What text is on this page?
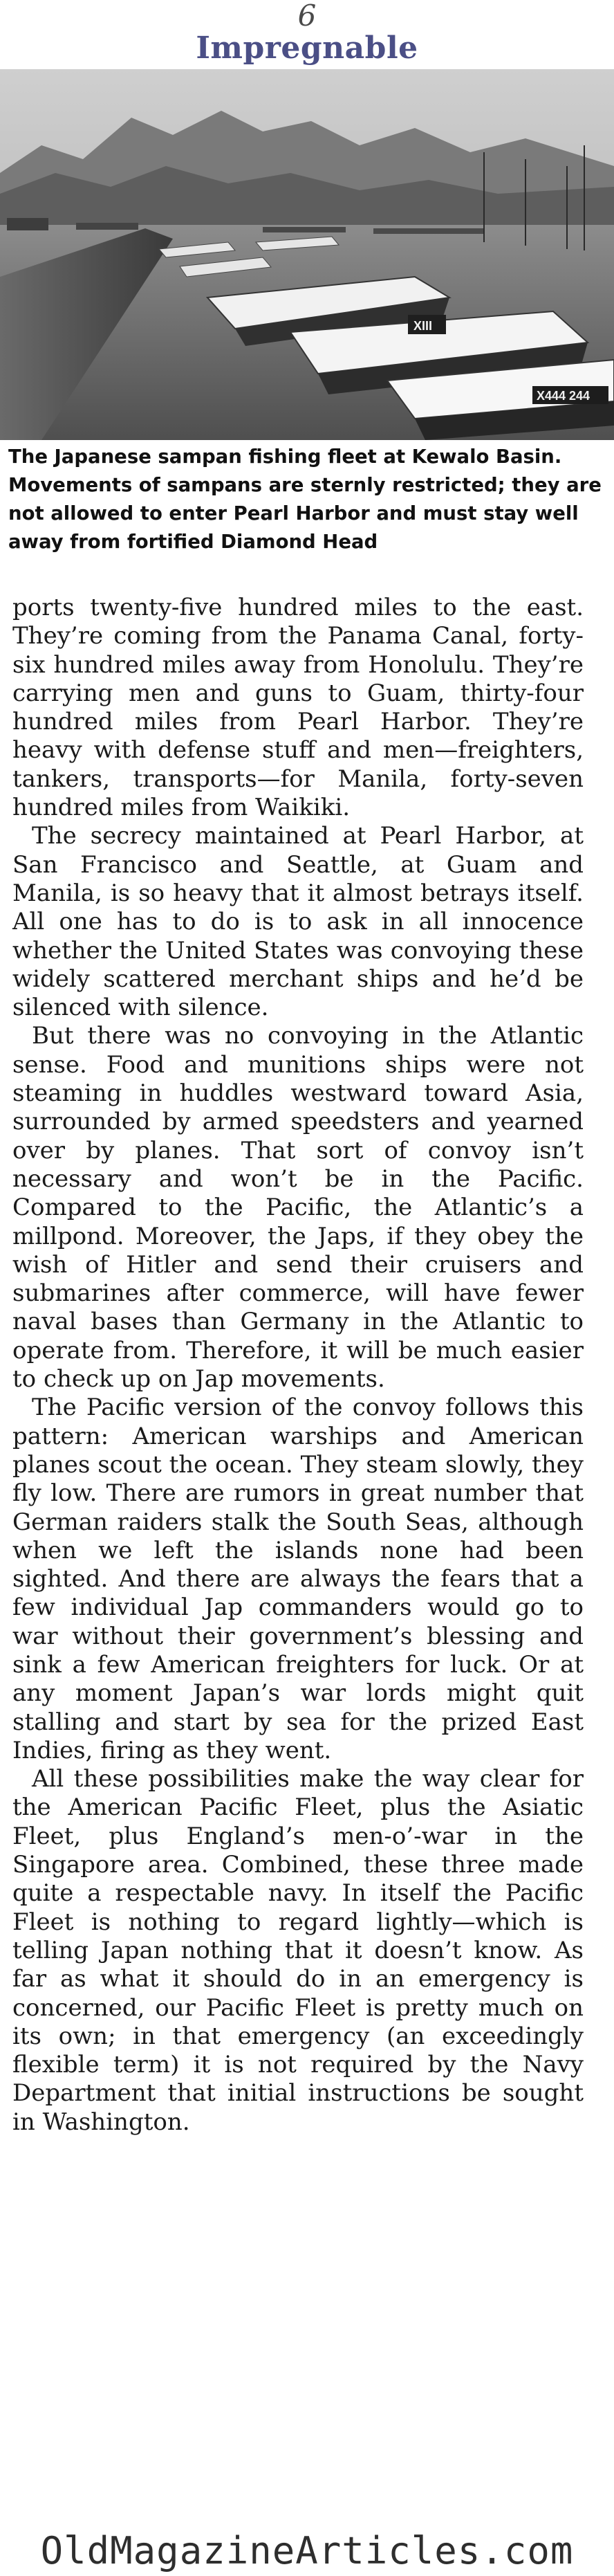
6
Impregnable
XIII
X444 244
The Japanese sampan fishing fleet at Kewalo Basin. Movements of sampans are sternly restricted; they are not allowed to enter Pearl Harbor and must stay well away from fortified Diamond Head

ports twenty-five hundred miles to the east. They’re coming from the Panama Canal, forty-six hundred miles away from Honolulu. They’re carrying men and guns to Guam, thirty-four hundred miles from Pearl Harbor. They’re heavy with defense stuff and men—freighters, tankers, transports—for Manila, forty-seven hundred miles from Waikiki.

The secrecy maintained at Pearl Harbor, at San Francisco and Seattle, at Guam and Manila, is so heavy that it almost betrays itself. All one has to do is to ask in all innocence whether the United States was convoying these widely scattered merchant ships and he’d be silenced with silence.

But there was no convoying in the Atlantic sense. Food and munitions ships were not steaming in huddles westward toward Asia, surrounded by armed speedsters and yearned over by planes. That sort of convoy isn’t necessary and won’t be in the Pacific. Compared to the Pacific, the Atlantic’s a millpond. Moreover, the Japs, if they obey the wish of Hitler and send their cruisers and submarines after commerce, will have fewer naval bases than Germany in the Atlantic to operate from. Therefore, it will be much easier to check up on Jap movements.

The Pacific version of the convoy follows this pattern: American warships and American planes scout the ocean. They steam slowly, they fly low. There are rumors in great number that German raiders stalk the South Seas, although when we left the islands none had been sighted. And there are always the fears that a few individual Jap commanders would go to war without their government’s blessing and sink a few American freighters for luck. Or at any moment Japan’s war lords might quit stalling and start by sea for the prized East Indies, firing as they went.

All these possibilities make the way clear for the American Pacific Fleet, plus the Asiatic Fleet, plus England’s men-o’-war in the Singapore area. Combined, these three made quite a respectable navy. In itself the Pacific Fleet is nothing to regard lightly—which is telling Japan nothing that it doesn’t know. As far as what it should do in an emergency is concerned, our Pacific Fleet is pretty much on its own; in that emergency (an exceedingly flexible term) it is not required by the Navy Department that initial instructions be sought in Washington.

OldMagazineArticles.com
